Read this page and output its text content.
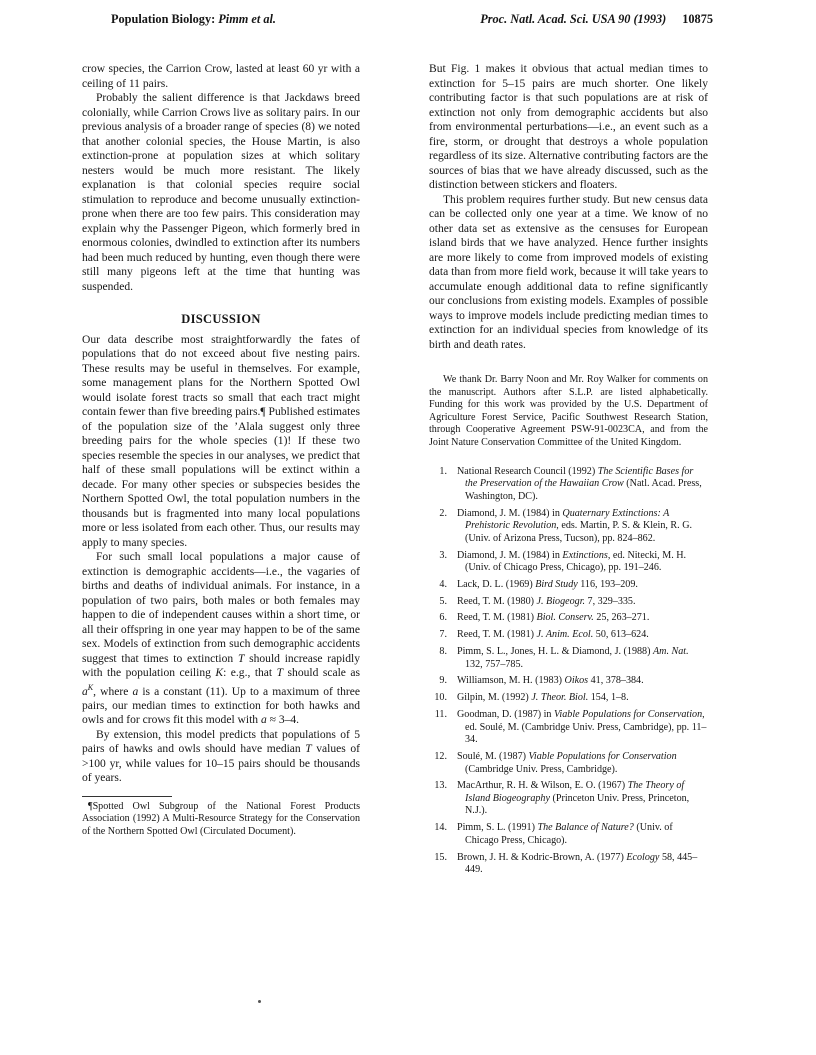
Population Biology: Pimm et al.	Proc. Natl. Acad. Sci. USA 90 (1993) 10875

crow species, the Carrion Crow, lasted at least 60 yr with a ceiling of 11 pairs.

Probably the salient difference is that Jackdaws breed colonially, while Carrion Crows live as solitary pairs. In our previous analysis of a broader range of species (8) we noted that another colonial species, the House Martin, is also extinction-prone at population sizes at which solitary nesters would be much more resistant. The likely explanation is that colonial species require social stimulation to reproduce and become unusually extinction-prone when there are too few pairs. This consideration may explain why the Passenger Pigeon, which formerly bred in enormous colonies, dwindled to extinction after its numbers had been much reduced by hunting, even though there were still many pigeons left at the time that hunting was suspended.

DISCUSSION

Our data describe most straightforwardly the fates of populations that do not exceed about five nesting pairs. These results may be useful in themselves. For example, some management plans for the Northern Spotted Owl would isolate forest tracts so small that each tract might contain fewer than five breeding pairs.¶ Published estimates of the population size of the ’Alala suggest only three breeding pairs for the whole species (1)! If these two species resemble the species in our analyses, we predict that half of these small populations will be extinct within a decade. For many other species or subspecies besides the Northern Spotted Owl, the total population numbers in the thousands but is fragmented into many local populations more or less isolated from each other. Thus, our results may apply to many species.

For such small local populations a major cause of extinction is demographic accidents—i.e., the vagaries of births and deaths of individual animals. For instance, in a population of two pairs, both males or both females may happen to die of independent causes within a short time, or all their offspring in one year may happen to be of the same sex. Models of extinction from such demographic accidents suggest that times to extinction T should increase rapidly with the population ceiling K: e.g., that T should scale as $a^K$, where a is a constant (11). Up to a maximum of three pairs, our median times to extinction for both hawks and owls and for crows fit this model with a ≈ 3–4.

By extension, this model predicts that populations of 5 pairs of hawks and owls should have median T values of >100 yr, while values for 10–15 pairs should be thousands of years.

¶Spotted Owl Subgroup of the National Forest Products Association (1992) A Multi-Resource Strategy for the Conservation of the Northern Spotted Owl (Circulated Document).

But Fig. 1 makes it obvious that actual median times to extinction for 5–15 pairs are much shorter. One likely contributing factor is that such populations are at risk of extinction not only from demographic accidents but also from environmental perturbations—i.e., an event such as a fire, storm, or drought that destroys a whole population regardless of its size. Alternative contributing factors are the sources of bias that we have already discussed, such as the distinction between stickers and floaters.

This problem requires further study. But new census data can be collected only one year at a time. We know of no other data set as extensive as the censuses for European island birds that we have analyzed. Hence further insights are more likely to come from improved models of existing data than from more field work, because it will take years to accumulate enough additional data to refine significantly our conclusions from existing models. Examples of possible ways to improve models include predicting median times to extinction for an individual species from knowledge of its birth and death rates.

We thank Dr. Barry Noon and Mr. Roy Walker for comments on the manuscript. Authors after S.L.P. are listed alphabetically. Funding for this work was provided by the U.S. Department of Agriculture Forest Service, Pacific Southwest Research Station, through Cooperative Agreement PSW-91-0023CA, and from the Joint Nature Conservation Committee of the United Kingdom.

1. National Research Council (1992) The Scientific Bases for the Preservation of the Hawaiian Crow (Natl. Acad. Press, Washington, DC).
2. Diamond, J. M. (1984) in Quaternary Extinctions: A Prehistoric Revolution, eds. Martin, P. S. & Klein, R. G. (Univ. of Arizona Press, Tucson), pp. 824–862.
3. Diamond, J. M. (1984) in Extinctions, ed. Nitecki, M. H. (Univ. of Chicago Press, Chicago), pp. 191–246.
4. Lack, D. L. (1969) Bird Study 116, 193–209.
5. Reed, T. M. (1980) J. Biogeogr. 7, 329–335.
6. Reed, T. M. (1981) Biol. Conserv. 25, 263–271.
7. Reed, T. M. (1981) J. Anim. Ecol. 50, 613–624.
8. Pimm, S. L., Jones, H. L. & Diamond, J. (1988) Am. Nat. 132, 757–785.
9. Williamson, M. H. (1983) Oikos 41, 378–384.
10. Gilpin, M. (1992) J. Theor. Biol. 154, 1–8.
11. Goodman, D. (1987) in Viable Populations for Conservation, ed. Soulé, M. (Cambridge Univ. Press, Cambridge), pp. 11–34.
12. Soulé, M. (1987) Viable Populations for Conservation (Cambridge Univ. Press, Cambridge).
13. MacArthur, R. H. & Wilson, E. O. (1967) The Theory of Island Biogeography (Princeton Univ. Press, Princeton, N.J.).
14. Pimm, S. L. (1991) The Balance of Nature? (Univ. of Chicago Press, Chicago).
15. Brown, J. H. & Kodric-Brown, A. (1977) Ecology 58, 445–449.
